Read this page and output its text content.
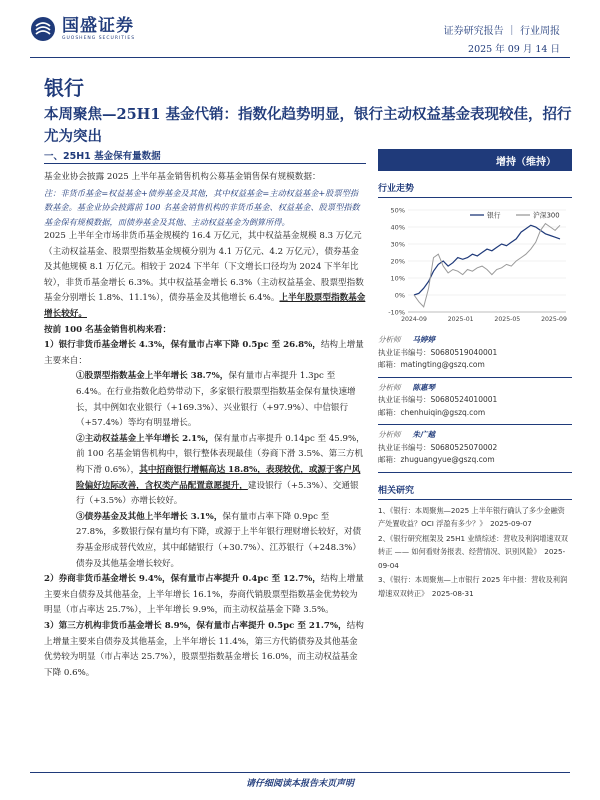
国盛证券
GUOSHENG SECURITIES
证券研究报告 ｜ 行业周报
2025 年 09 月 14 日
银行
本周聚焦—25H1 基金代销：指数化趋势明显，银行主动权益基金表现较佳，招行尤为突出
一、25H1 基金保有量数据

基金业协会披露 2025 上半年基金销售机构公募基金销售保有规模数据：

注：非货币基金=权益基金+债券基金及其他，其中权益基金=主动权益基金+股票型指数基金。基金业协会披露前 100 名基金销售机构的非货币基金、权益基金、股票型指数基金保有规模数据，而债券基金及其他、主动权益基金为倒算所得。

2025 上半年全市场非货币基金规模约 16.4 万亿元，其中权益基金规模 8.3 万亿元（主动权益基金、股票型指数基金规模分别为 4.1 万亿元、4.2 万亿元），债券基金及其他规模 8.1 万亿元。相较于 2024 下半年（下文增长口径均为 2024 下半年比较），非货币基金增长 6.3%。其中权益基金增长 6.3%（主动权益基金、股票型指数基金分别增长 1.8%、11.1%），债券基金及其他增长 6.4%。上半年股票型指数基金增长较好。

按前 100 名基金销售机构来看：

1）银行非货币基金增长 4.3%，保有量市占率下降 0.5pc 至 26.8%，结构上增量主要来自：

①股票型指数基金上半年增长 38.7%，保有量市占率提升 1.3pc 至 6.4%。在行业指数化趋势带动下，多家银行股票型指数基金保有量快速增长，其中例如农业银行（+169.3%）、兴业银行（+97.9%）、中信银行（+57.4%）等均有明显增长。

②主动权益基金上半年增长 2.1%，保有量市占率提升 0.14pc 至 45.9%，前 100 名基金销售机构中，银行整体表现最佳（券商下滑 3.5%、第三方机构下滑 0.6%），其中招商银行增幅高达 18.8%，表现较优，或源于客户风险偏好边际改善，含权类产品配置意愿提升，建设银行（+5.3%）、交通银行（+3.5%）亦增长较好。

③债券基金及其他上半年增长 3.1%，保有量市占率下降 0.9pc 至 27.8%，多数银行保有量均有下降，或源于上半年银行理财增长较好，对债券基金形成替代效应，其中邮储银行（+30.7%）、江苏银行（+248.3%）债券及其他基金增长较好。

2）券商非货币基金增长 9.4%，保有量市占率提升 0.4pc 至 12.7%，结构上增量主要来自债券及其他基金，上半年增长 16.1%，券商代销股票型指数基金优势较为明显（市占率达 25.7%），上半年增长 9.9%，而主动权益基金下降 3.5%。

3）第三方机构非货币基金增长 8.9%，保有量市占率提升 0.5pc 至 21.7%，结构上增量主要来自债券及其他基金，上半年增长 11.4%，第三方代销债券及其他基金优势较为明显（市占率达 25.7%），股票型指数基金增长 16.0%，而主动权益基金下降 0.6%。

增持（维持）
行业走势
-10%
0%
10%
20%
30%
40%
50%
2024-09	2025-01	2025-05	2025-09
银行	沪深300
分析师 马婷婷
执业证书编号：S0680519040001
邮箱：matingting@gszq.com
分析师 陈惠琴
执业证书编号：S0680524010001
邮箱：chenhuiqin@gszq.com
分析师 朱广越
执业证书编号：S0680525070002
邮箱：zhuguangyue@gszq.com
相关研究
1、《银行：本周聚焦—2025 上半年银行确认了多少金融资产处置收益？OCI 浮盈有多少？》　2025-09-07
2、《银行研究框架及 25H1 业绩综述：营收及利润增速双双转正 —— 如何看财务报表、经营情况、识别风险》　2025-09-04
3、《银行：本周聚焦—上市银行 2025 年中报：营收及利润增速双双转正》　2025-08-31
请仔细阅读本报告末页声明
